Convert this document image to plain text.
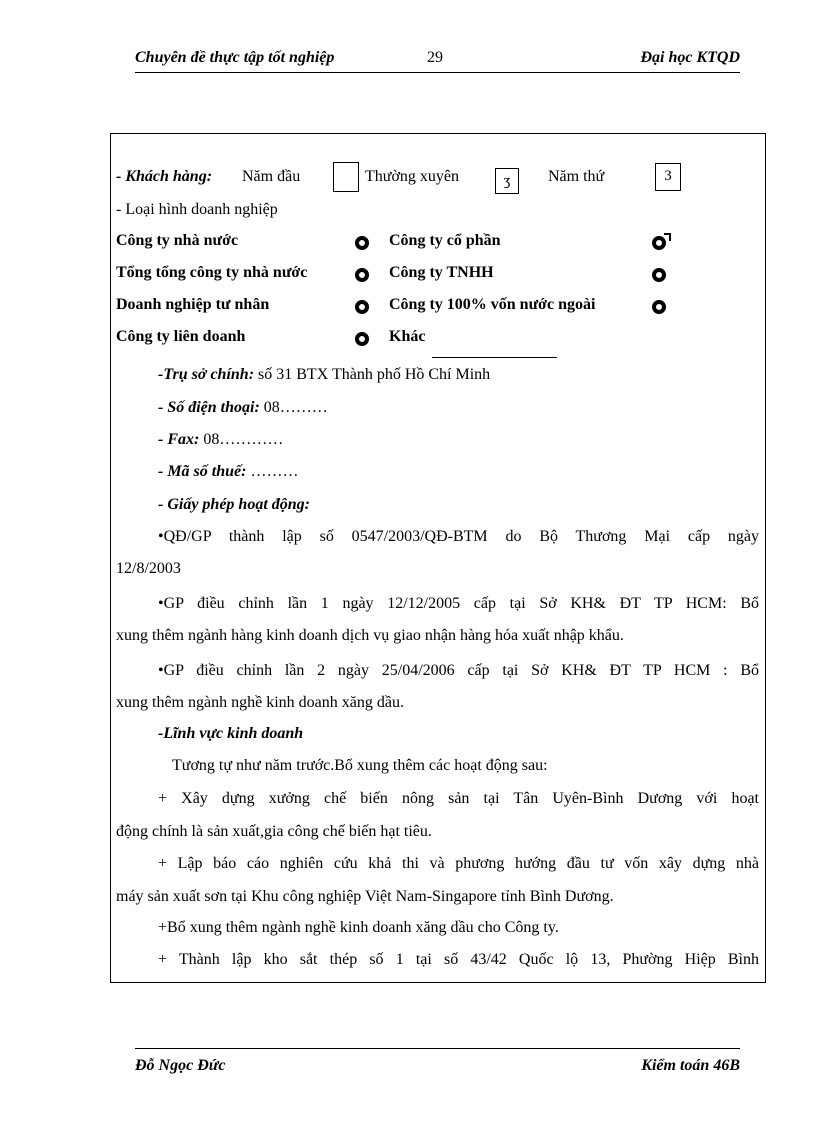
Chuyên đề thực tập tốt nghiệp	29	Đại học KTQD
- Khách hàng: Năm đầu	Thường xuyên	ʒ	Năm thứ	3
- Loại hình doanh nghiệp
Công ty nhà nước	Công ty cổ phần
Tổng tổng công ty nhà nước	Công ty TNHH
Doanh nghiệp tư nhân	Công ty 100% vốn nước ngoài
Công ty liên doanh	Khác
-Trụ sở chính: số 31 BTX Thành phố Hồ Chí Minh
- Số điện thoại: 08………
- Fax: 08…………
- Mã số thuế: ………
- Giấy phép hoạt động:
•QĐ/GP thành lập số 0547/2003/QĐ-BTM do Bộ Thương Mại cấp ngày
12/8/2003
•GP điều chỉnh lần 1 ngày 12/12/2005 cấp tại Sở KH& ĐT TP HCM: Bổ
xung thêm ngành hàng kinh doanh dịch vụ giao nhận hàng hóa xuất nhập khẩu.
•GP điều chỉnh lần 2 ngày 25/04/2006 cấp tại Sở KH& ĐT TP HCM : Bổ
xung thêm ngành nghề kinh doanh xăng dầu.
-Lĩnh vực kinh doanh
Tương tự như năm trước.Bổ xung thêm các hoạt động sau:
+ Xây dựng xưởng chế biến nông sản tại Tân Uyên-Bình Dương với hoạt
động chính là sản xuất,gia công chế biến hạt tiêu.
+ Lập báo cáo nghiên cứu khả thi và phương hướng đầu tư vốn xây dựng nhà
máy sản xuất sơn tại Khu công nghiệp Việt Nam-Singapore tỉnh Bình Dương.
+Bổ xung thêm ngành nghề kinh doanh xăng dầu cho Công ty.
+ Thành lập kho sắt thép số 1 tại số 43/42 Quốc lộ 13, Phường Hiệp Bình
Đỗ Ngọc Đức	Kiểm toán 46B
